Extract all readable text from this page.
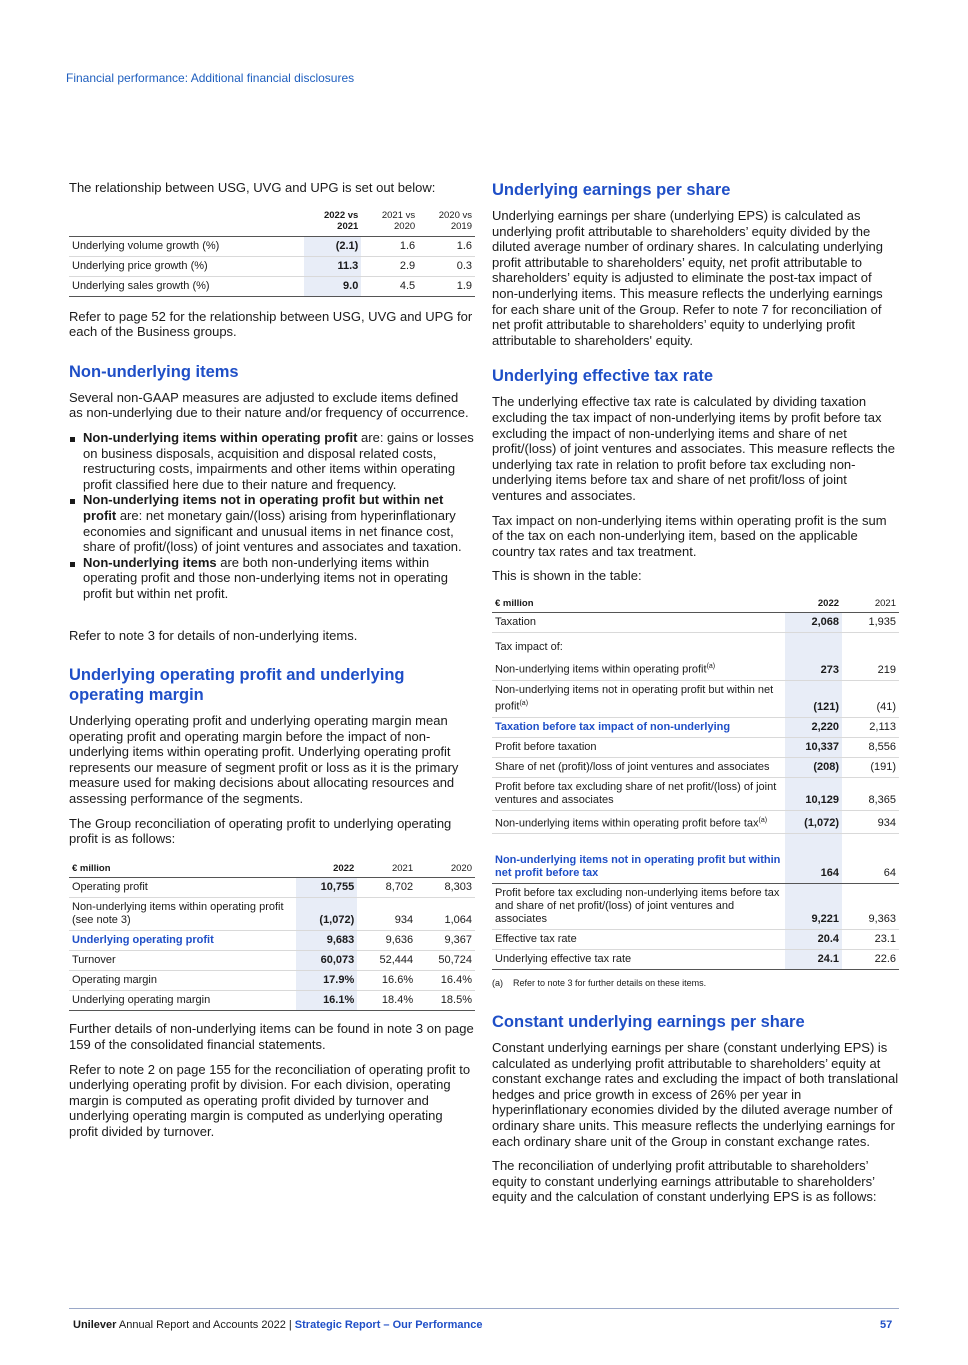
Financial performance: Additional financial disclosures

The relationship between USG, UVG and UPG is set out below:

	2022 vs 2021	2021 vs 2020	2020 vs 2019
Underlying volume growth (%)	(2.1)	1.6	1.6
Underlying price growth (%)	11.3	2.9	0.3
Underlying sales growth (%)	9.0	4.5	1.9

Refer to page 52 for the relationship between USG, UVG and UPG for each of the Business groups.

Non-underlying items

Several non-GAAP measures are adjusted to exclude items defined as non-underlying due to their nature and/or frequency of occurrence.

Non-underlying items within operating profit are: gains or losses on business disposals, acquisition and disposal related costs, restructuring costs, impairments and other items within operating profit classified here due to their nature and frequency.
Non-underlying items not in operating profit but within net profit are: net monetary gain/(loss) arising from hyperinflationary economies and significant and unusual items in net finance cost, share of profit/(loss) of joint ventures and associates and taxation.
Non-underlying items are both non-underlying items within operating profit and those non-underlying items not in operating profit but within net profit.

Refer to note 3 for details of non-underlying items.

Underlying operating profit and underlying operating margin

Underlying operating profit and underlying operating margin mean operating profit and operating margin before the impact of non-underlying items within operating profit. Underlying operating profit represents our measure of segment profit or loss as it is the primary measure used for making decisions about allocating resources and assessing performance of the segments.

The Group reconciliation of operating profit to underlying operating profit is as follows:

€ million	2022	2021	2020
Operating profit	10,755	8,702	8,303
Non-underlying items within operating profit (see note 3)	(1,072)	934	1,064
Underlying operating profit	9,683	9,636	9,367
Turnover	60,073	52,444	50,724
Operating margin	17.9%	16.6%	16.4%
Underlying operating margin	16.1%	18.4%	18.5%

Further details of non-underlying items can be found in note 3 on page 159 of the consolidated financial statements.

Refer to note 2 on page 155 for the reconciliation of operating profit to underlying operating profit by division. For each division, operating margin is computed as operating profit divided by turnover and underlying operating margin is computed as underlying operating profit divided by turnover.

Underlying earnings per share

Underlying earnings per share (underlying EPS) is calculated as underlying profit attributable to shareholders’ equity divided by the diluted average number of ordinary shares. In calculating underlying profit attributable to shareholders’ equity, net profit attributable to shareholders’ equity is adjusted to eliminate the post-tax impact of non-underlying items. This measure reflects the underlying earnings for each share unit of the Group. Refer to note 7 for reconciliation of net profit attributable to shareholders’ equity to underlying profit attributable to shareholders' equity.

Underlying effective tax rate

The underlying effective tax rate is calculated by dividing taxation excluding the tax impact of non-underlying items by profit before tax excluding the impact of non-underlying items and share of net profit/(loss) of joint ventures and associates. This measure reflects the underlying tax rate in relation to profit before tax excluding non-underlying items before tax and share of net profit/loss of joint ventures and associates.

Tax impact on non-underlying items within operating profit is the sum of the tax on each non-underlying item, based on the applicable country tax rates and tax treatment.

This is shown in the table:

€ million	2022	2021
Taxation	2,068	1,935
Tax impact of:		
Non-underlying items within operating profit$^{(a)}$	273	219
Non-underlying items not in operating profit but within net profit$^{(a)}$	(121)	(41)
Taxation before tax impact of non-underlying	2,220	2,113
Profit before taxation	10,337	8,556
Share of net (profit)/loss of joint ventures and associates	(208)	(191)
Profit before tax excluding share of net profit/(loss) of joint ventures and associates	10,129	8,365
Non-underlying items within operating profit before tax$^{(a)}$	(1,072)	934
Non-underlying items not in operating profit but within net profit before tax	164	64
Profit before tax excluding non-underlying items before tax and share of net profit/(loss) of joint ventures and associates	9,221	9,363
Effective tax rate	20.4	23.1
Underlying effective tax rate	24.1	22.6
(a)    Refer to note 3 for further details on these items.
Constant underlying earnings per share

Constant underlying earnings per share (constant underlying EPS) is calculated as underlying profit attributable to shareholders’ equity at constant exchange rates and excluding the impact of both translational hedges and price growth in excess of 26% per year in hyperinflationary economies divided by the diluted average number of ordinary share units. This measure reflects the underlying earnings for each ordinary share unit of the Group in constant exchange rates.

The reconciliation of underlying profit attributable to shareholders’ equity to constant underlying earnings attributable to shareholders’ equity and the calculation of constant underlying EPS is as follows:

Unilever Annual Report and Accounts 2022 | Strategic Report – Our Performance	57
